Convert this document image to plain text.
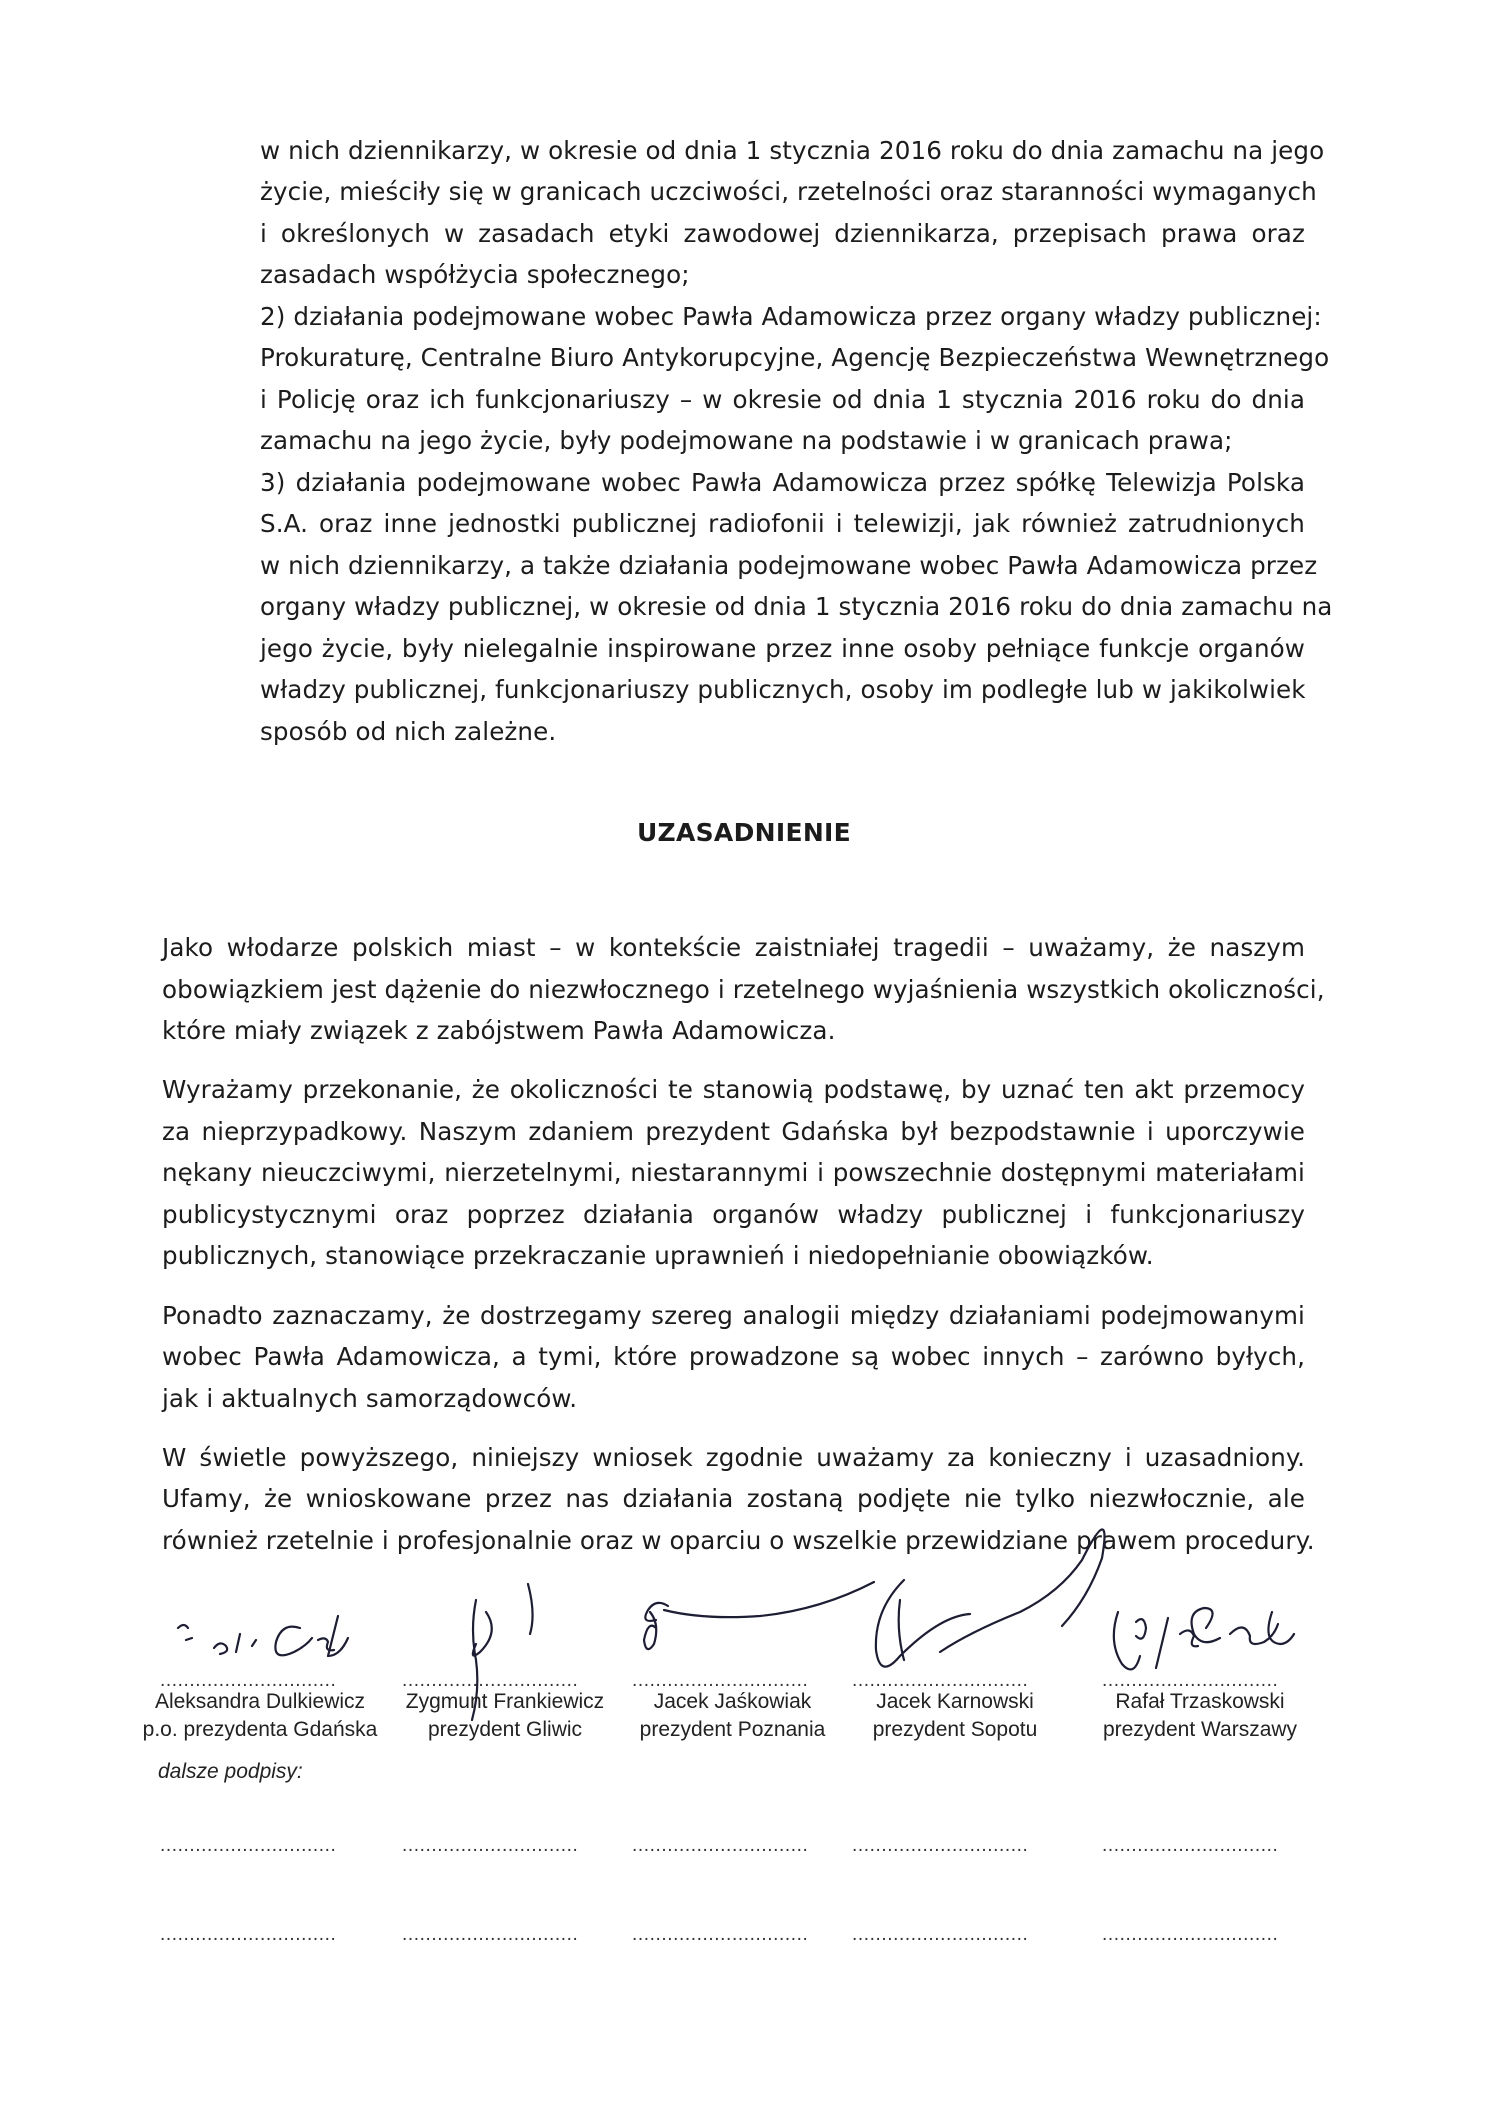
w nich dziennikarzy, w okresie od dnia 1 stycznia 2016 roku do dnia zamachu na jego
życie, mieściły się w granicach uczciwości, rzetelności oraz staranności wymaganych
i określonych w zasadach etyki zawodowej dziennikarza, przepisach prawa oraz
zasadach współżycia społecznego;
2) działania podejmowane wobec Pawła Adamowicza przez organy władzy publicznej:
Prokuraturę, Centralne Biuro Antykorupcyjne, Agencję Bezpieczeństwa Wewnętrznego
i Policję oraz ich funkcjonariuszy – w okresie od dnia 1 stycznia 2016 roku do dnia
zamachu na jego życie, były podejmowane na podstawie i w granicach prawa;
3) działania podejmowane wobec Pawła Adamowicza przez spółkę Telewizja Polska
S.A. oraz inne jednostki publicznej radiofonii i telewizji, jak również zatrudnionych
w nich dziennikarzy, a także działania podejmowane wobec Pawła Adamowicza przez
organy władzy publicznej, w okresie od dnia 1 stycznia 2016 roku do dnia zamachu na
jego życie, były nielegalnie inspirowane przez inne osoby pełniące funkcje organów
władzy publicznej, funkcjonariuszy publicznych, osoby im podległe lub w jakikolwiek
sposób od nich zależne.
UZASADNIENIE
Jako włodarze polskich miast – w kontekście zaistniałej tragedii – uważamy, że naszym
obowiązkiem jest dążenie do niezwłocznego i rzetelnego wyjaśnienia wszystkich okoliczności,
które miały związek z zabójstwem Pawła Adamowicza.
Wyrażamy przekonanie, że okoliczności te stanowią podstawę, by uznać ten akt przemocy
za nieprzypadkowy. Naszym zdaniem prezydent Gdańska był bezpodstawnie i uporczywie
nękany nieuczciwymi, nierzetelnymi, niestarannymi i powszechnie dostępnymi materiałami
publicystycznymi oraz poprzez działania organów władzy publicznej i funkcjonariuszy
publicznych, stanowiące przekraczanie uprawnień i niedopełnianie obowiązków.
Ponadto zaznaczamy, że dostrzegamy szereg analogii między działaniami podejmowanymi
wobec Pawła Adamowicza, a tymi, które prowadzone są wobec innych – zarówno byłych,
jak i aktualnych samorządowców.
W świetle powyższego, niniejszy wniosek zgodnie uważamy za konieczny i uzasadniony.
Ufamy, że wnioskowane przez nas działania zostaną podjęte nie tylko niezwłocznie, ale
również rzetelnie i profesjonalnie oraz w oparciu o wszelkie przewidziane prawem procedury.
..............................	..............................	.............................. ..............................	..............................
Aleksandra Dulkiewicz
p.o. prezydenta Gdańska
Zygmunt Frankiewicz
prezydent Gliwic
Jacek Jaśkowiak
prezydent Poznania
Jacek Karnowski
prezydent Sopotu
Rafał Trzaskowski
prezydent Warszawy
dalsze podpisy:
..............................	..............................	.............................. ..............................	..............................
..............................	..............................	.............................. ..............................	..............................
